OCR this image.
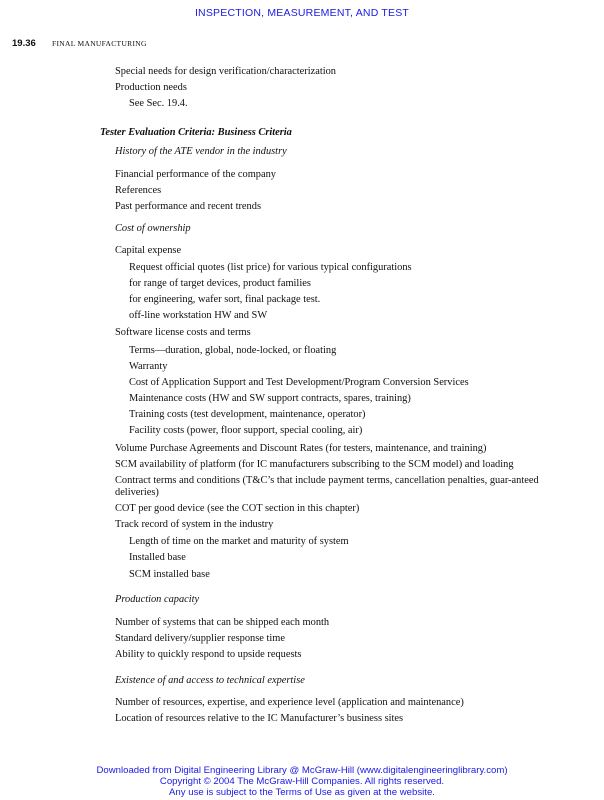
INSPECTION, MEASUREMENT, AND TEST
19.36 FINAL MANUFACTURING
Special needs for design verification/characterization
Production needs
See Sec. 19.4.
Tester Evaluation Criteria: Business Criteria
History of the ATE vendor in the industry
Financial performance of the company
References
Past performance and recent trends
Cost of ownership
Capital expense
Request official quotes (list price) for various typical configurations
for range of target devices, product families
for engineering, wafer sort, final package test.
off-line workstation HW and SW
Software license costs and terms
Terms—duration, global, node-locked, or floating
Warranty
Cost of Application Support and Test Development/Program Conversion Services
Maintenance costs (HW and SW support contracts, spares, training)
Training costs (test development, maintenance, operator)
Facility costs (power, floor support, special cooling, air)
Volume Purchase Agreements and Discount Rates (for testers, maintenance, and training)
SCM availability of platform (for IC manufacturers subscribing to the SCM model) and loading
Contract terms and conditions (T&C’s that include payment terms, cancellation penalties, guar-anteed deliveries)
COT per good device (see the COT section in this chapter)
Track record of system in the industry
Length of time on the market and maturity of system
Installed base
SCM installed base
Production capacity
Number of systems that can be shipped each month
Standard delivery/supplier response time
Ability to quickly respond to upside requests
Existence of and access to technical expertise
Number of resources, expertise, and experience level (application and maintenance)
Location of resources relative to the IC Manufacturer’s business sites
Downloaded from Digital Engineering Library @ McGraw-Hill (www.digitalengineeringlibrary.com)
Copyright © 2004 The McGraw-Hill Companies. All rights reserved.
Any use is subject to the Terms of Use as given at the website.
